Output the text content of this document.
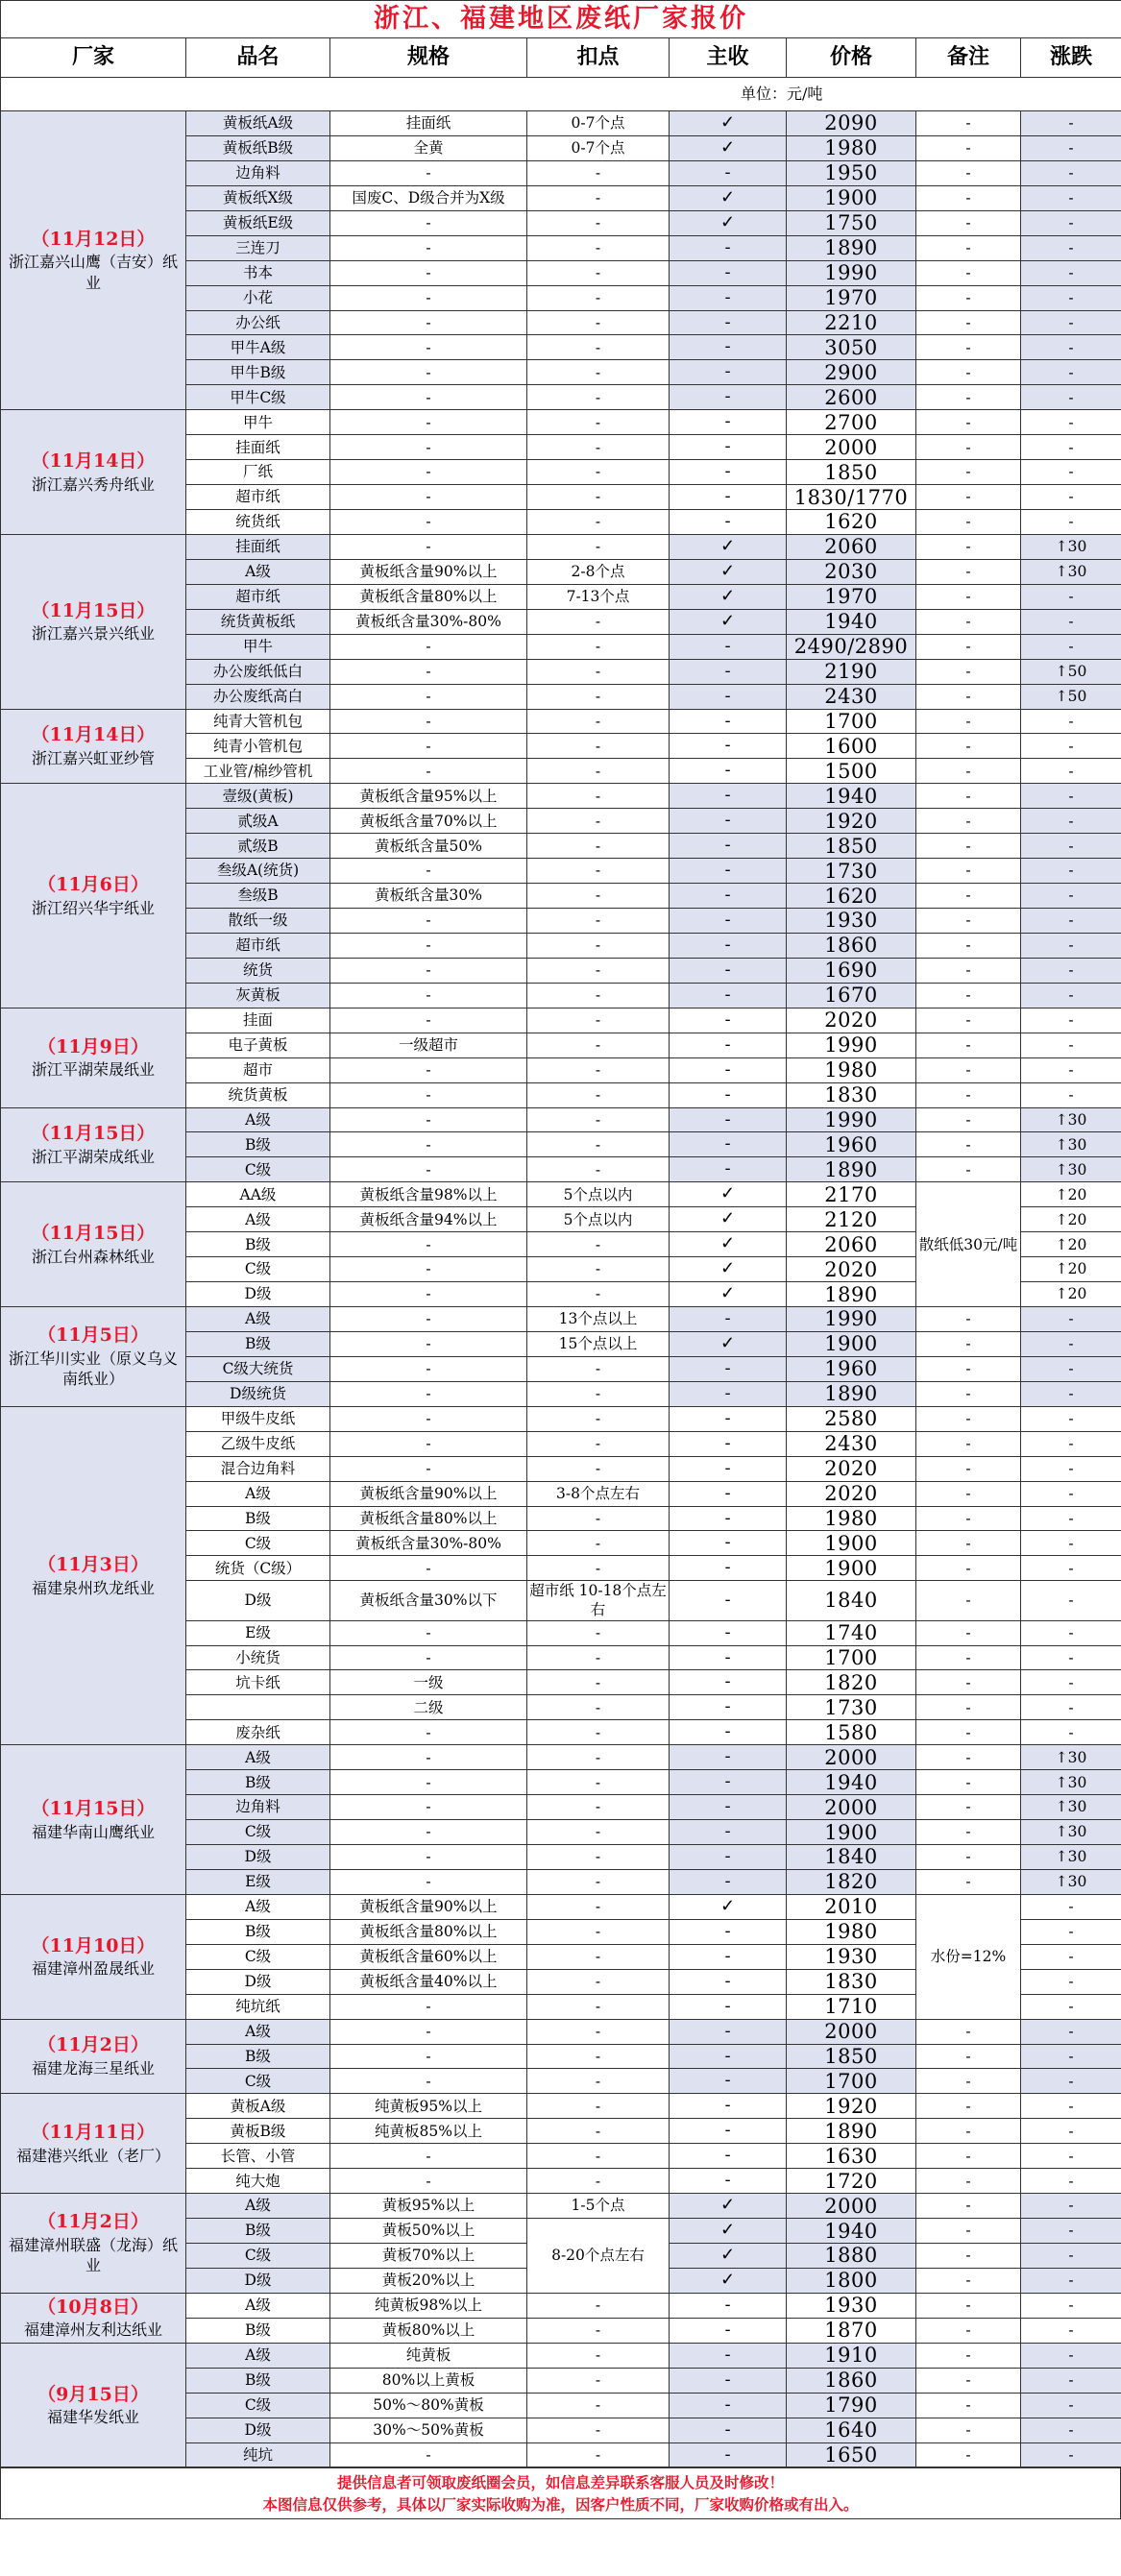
浙江、福建地区废纸厂家报价							
厂家	品名	规格	扣点	主收	价格	备注	涨跌
单位：元/吨							

（11月12日）
浙江嘉兴山鹰（吉安）纸业	黄板纸A级	挂面纸	0-7个点	✓	2090	-	-
	黄板纸B级	全黄	0-7个点	✓	1980	-	-
	边角料	-	-	-	1950	-	-
	黄板纸X级	国废C、D级合并为X级	-	✓	1900	-	-
	黄板纸E级	-	-	✓	1750	-	-
	三连刀	-	-	-	1890	-	-
	书本	-	-	-	1990	-	-
	小花	-	-	-	1970	-	-
	办公纸	-	-	-	2210	-	-
	甲牛A级	-	-	-	3050	-	-
	甲牛B级	-	-	-	2900	-	-
	甲牛C级	-	-	-	2600	-	-

（11月14日）
浙江嘉兴秀舟纸业	甲牛	-	-	-	2700	-	-
	挂面纸	-	-	-	2000	-	-
	厂纸	-	-	-	1850	-	-
	超市纸	-	-	-	1830/1770	-	-
	统货纸	-	-	-	1620	-	-

（11月15日）
浙江嘉兴景兴纸业	挂面纸	-	-	✓	2060	-	↑30
	A级	黄板纸含量90%以上	2-8个点	✓	2030	-	↑30
	超市纸	黄板纸含量80%以上	7-13个点	✓	1970	-	-
	统货黄板纸	黄板纸含量30%-80%	-	✓	1940	-	-
	甲牛	-	-	-	2490/2890	-	-
	办公废纸低白	-	-	-	2190	-	↑50
	办公废纸高白	-	-	-	2430	-	↑50

（11月14日）
浙江嘉兴虹亚纱管	纯青大管机包	-	-	-	1700	-	-
	纯青小管机包	-	-	-	1600	-	-
	工业管/棉纱管机	-	-	-	1500	-	-

（11月6日）
浙江绍兴华宇纸业	壹级(黄板)	黄板纸含量95%以上	-	-	1940	-	-
	贰级A	黄板纸含量70%以上	-	-	1920	-	-
	贰级B	黄板纸含量50%	-	-	1850	-	-
	叁级A(统货)	-	-	-	1730	-	-
	叁级B	黄板纸含量30%	-	-	1620	-	-
	散纸一级	-	-	-	1930	-	-
	超市纸	-	-	-	1860	-	-
	统货	-	-	-	1690	-	-
	灰黄板	-	-	-	1670	-	-

（11月9日）
浙江平湖荣晟纸业	挂面	-	-	-	2020	-	-
	电子黄板	一级超市	-	-	1990	-	-
	超市	-	-	-	1980	-	-
	统货黄板	-	-	-	1830	-	-

（11月15日）
浙江平湖荣成纸业	A级	-	-	-	1990	-	↑30
	B级	-	-	-	1960	-	↑30
	C级	-	-	-	1890	-	↑30

（11月15日）
浙江台州森林纸业	AA级	黄板纸含量98%以上	5个点以内	✓	2170	散纸低30元/吨	↑20
	A级	黄板纸含量94%以上	5个点以内	✓	2120		↑20
	B级	-	-	✓	2060		↑20
	C级	-	-	✓	2020		↑20
	D级	-	-	✓	1890		↑20

（11月5日）
浙江华川实业（原义乌义南纸业）	A级	-	13个点以上	-	1990	-	-
	B级	-	15个点以上	✓	1900	-	-
	C级大统货	-	-	-	1960	-	-
	D级统货	-	-	-	1890	-	-

（11月3日）
福建泉州玖龙纸业	甲级牛皮纸	-	-	-	2580	-	-
	乙级牛皮纸	-	-	-	2430	-	-
	混合边角料	-	-	-	2020	-	-
	A级	黄板纸含量90%以上	3-8个点左右	-	2020	-	-
	B级	黄板纸含量80%以上	-	-	1980	-	-
	C级	黄板纸含量30%-80%	-	-	1900	-	-
	统货（C级）	-	-	-	1900	-	-
	D级	黄板纸含量30%以下	超市纸 10-18个点左右	-	1840	-	-
	E级	-	-	-	1740	-	-
	小统货	-	-	-	1700	-	-
	坑卡纸	一级	-	-	1820	-	-
		二级	-	-	1730	-	-
	废杂纸	-	-	-	1580	-	-

（11月15日）
福建华南山鹰纸业	A级	-	-	-	2000	-	↑30
	B级	-	-	-	1940	-	↑30
	边角料	-	-	-	2000	-	↑30
	C级	-	-	-	1900	-	↑30
	D级	-	-	-	1840	-	↑30
	E级	-	-	-	1820	-	↑30

（11月10日）
福建漳州盈晟纸业	A级	黄板纸含量90%以上	-	✓	2010	水份=12%	-
	B级	黄板纸含量80%以上	-	-	1980		-
	C级	黄板纸含量60%以上	-	-	1930		-
	D级	黄板纸含量40%以上	-	-	1830		-
	纯坑纸	-	-	-	1710		-

（11月2日）
福建龙海三星纸业	A级	-	-	-	2000	-	-
	B级	-	-	-	1850	-	-
	C级	-	-	-	1700	-	-

（11月11日）
福建港兴纸业（老厂）	黄板A级	纯黄板95%以上	-	-	1920	-	-
	黄板B级	纯黄板85%以上	-	-	1890	-	-
	长管、小管	-	-	-	1630	-	-
	纯大炮	-	-	-	1720	-	-

（11月2日）
福建漳州联盛（龙海）纸业	A级	黄板95%以上	1-5个点	✓	2000	-	-
	B级	黄板50%以上	8-20个点左右	✓	1940	-	-
	C级	黄板70%以上		✓	1880	-	-
	D级	黄板20%以上		✓	1800	-	-

（10月8日）
福建漳州友利达纸业	A级	纯黄板98%以上	-	-	1930	-	-
	B级	黄板80%以上	-	-	1870	-	-

（9月15日）
福建华发纸业	A级	纯黄板	-	-	1910	-	-
	B级	80%以上黄板	-	-	1860	-	-
	C级	50%～80%黄板	-	-	1790	-	-
	D级	30%～50%黄板	-	-	1640	-	-
	纯坑	-	-	-	1650	-	-
提供信息者可领取废纸圈会员，如信息差异联系客服人员及时修改！
本图信息仅供参考，具体以厂家实际收购为准，因客户性质不同，厂家收购价格或有出入。
